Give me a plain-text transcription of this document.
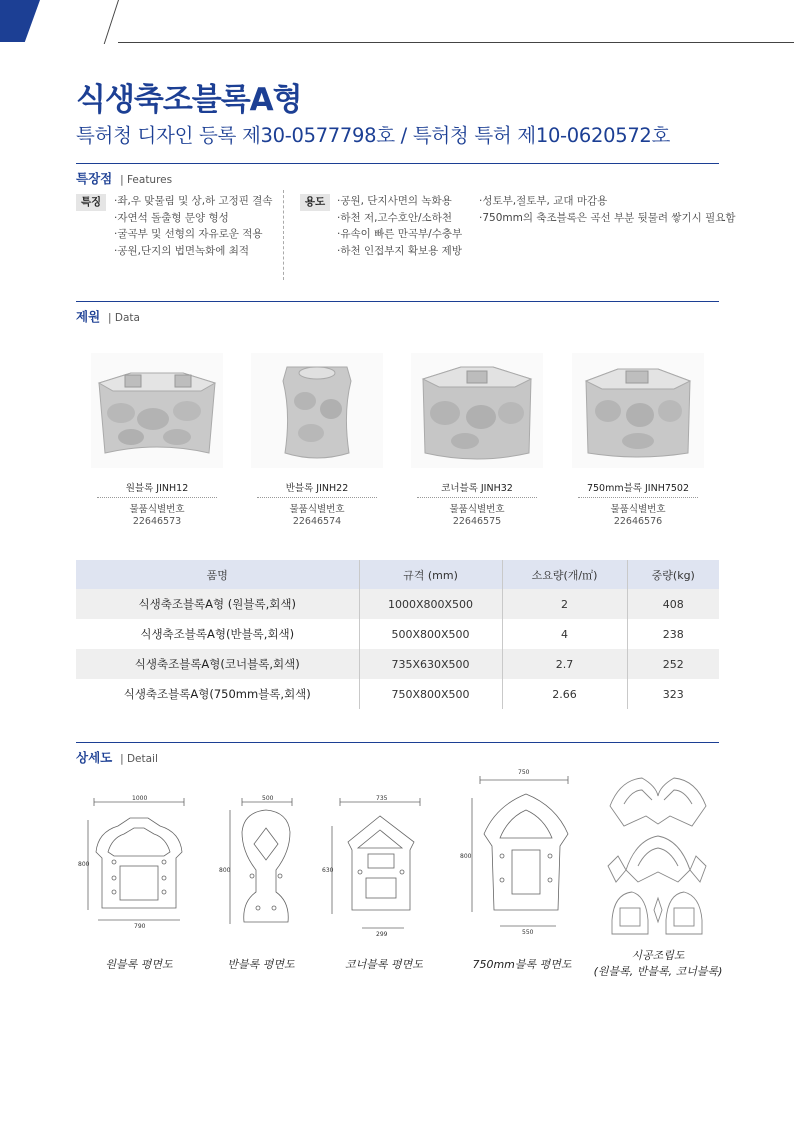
식생축조블록A형
특허청 디자인 등록 제30-0577798호 / 특허청 특허 제10-0620572호
특장점 | Features
특징	·좌,우 맞물림 및 상,하 고정핀 결속
·자연석 돌출형 문양 형성
·굴곡부 및 선형의 자유로운 적용
·공원,단지의 법면녹화에 최적
용도	·공원, 단지사면의 녹화용
·하천 저,고수호안/소하천
·유속이 빠른 만곡부/수충부
·하천 인접부지 확보용 제방
·성토부,절토부, 교대 마감용
·750mm의 축조블록은 곡선 부분 뒷물려 쌓기시 필요함
제원 | Data
원블록 JINH12
물품식별번호
22646573
반블록 JINH22
물품식별번호
22646574
코너블록 JINH32
물품식별번호
22646575
750mm블록 JINH7502
물품식별번호
22646576
품명	규격 (mm)	소요량(개/㎡)	중량(kg)
식생축조블록A형 (원블록,회색)	1000X800X500	2	408
식생축조블록A형(반블록,회색)	500X800X500	4	238
식생축조블록A형(코너블록,회색)	735X630X500	2.7	252
식생축조블록A형(750mm블록,회색)	750X800X500	2.66	323
상세도 | Detail
1000
800
790
500
800
735
630
299
750
800
550
원블록 평면도	반블록 평면도	코너블록 평면도	750mm블록 평면도
시공조립도
(원블록, 반블록, 코너블록)
